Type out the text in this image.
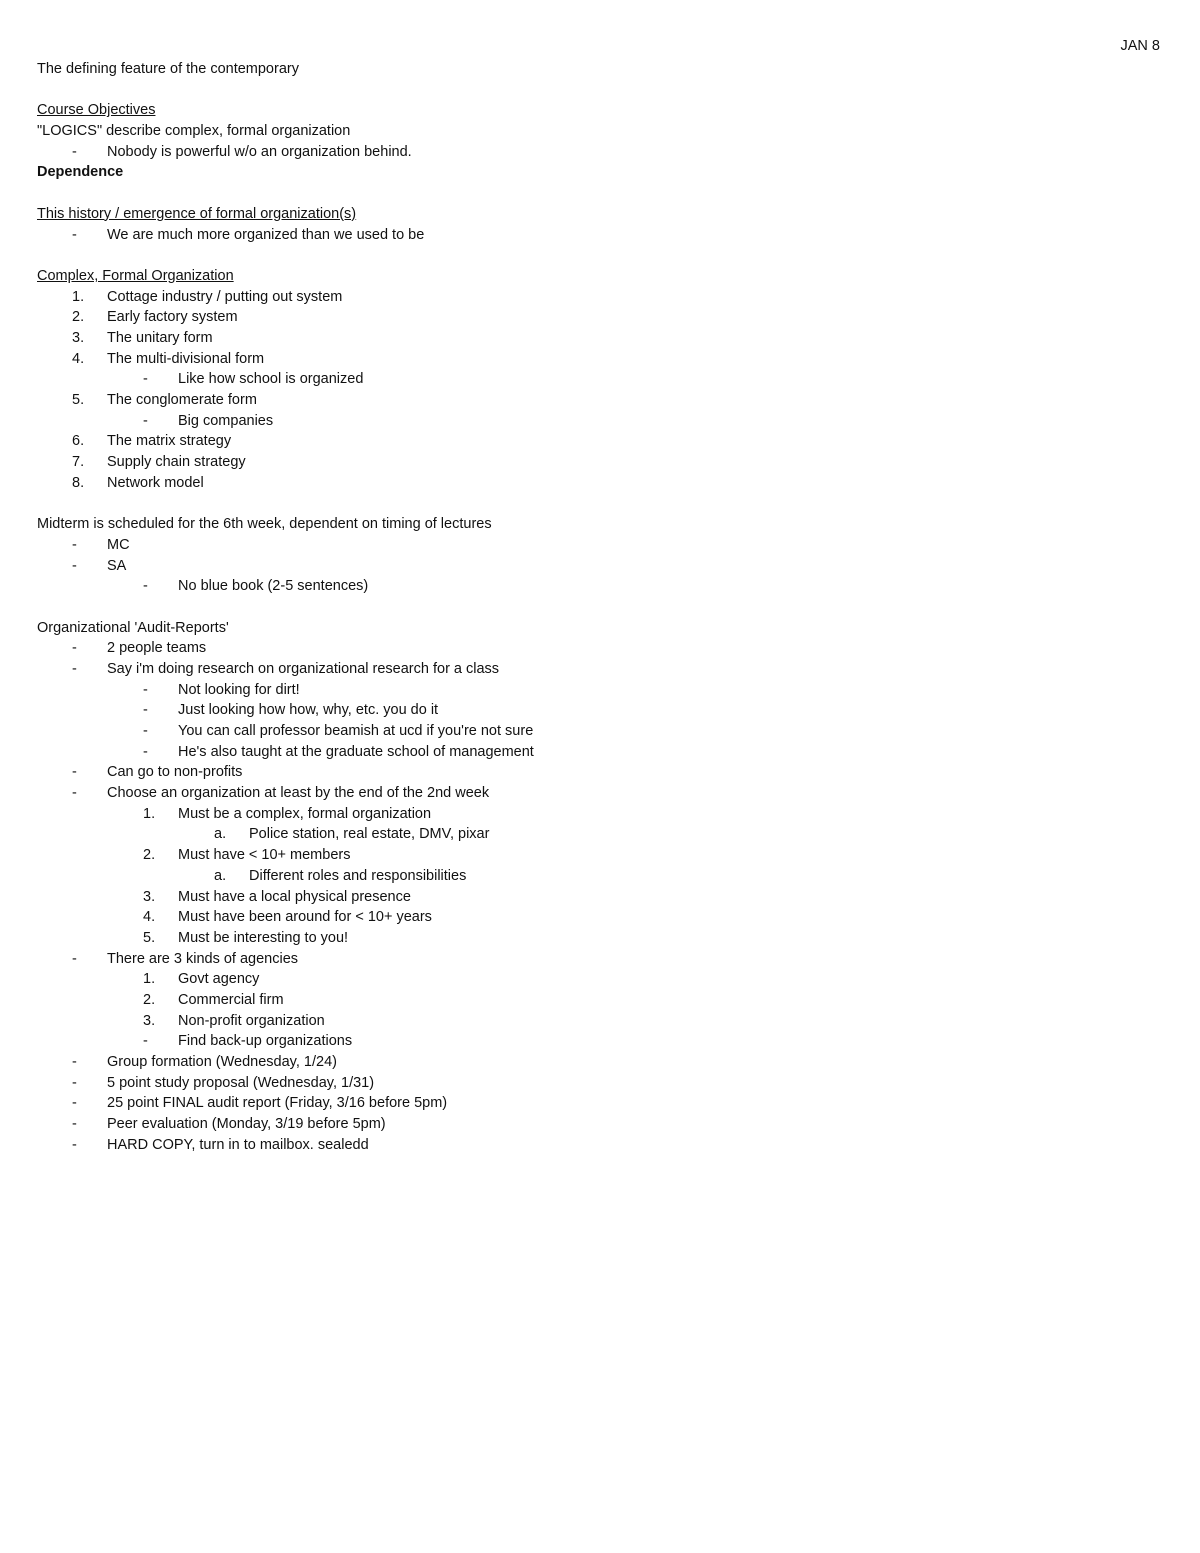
JAN 8
The defining feature of the contemporary
Course Objectives
"LOGICS" describe complex, formal organization
- Nobody is powerful w/o an organization behind.
Dependence
This history / emergence of formal organization(s)
- We are much more organized than we used to be
Complex, Formal Organization
1. Cottage industry / putting out system
2. Early factory system
3. The unitary form
4. The multi-divisional form
- Like how school is organized
5. The conglomerate form
- Big companies
6. The matrix strategy
7. Supply chain strategy
8. Network model
Midterm is scheduled for the 6th week, dependent on timing of lectures
- MC
- SA
- No blue book (2-5 sentences)
Organizational 'Audit-Reports'
- 2 people teams
- Say i'm doing research on organizational research for a class
- Not looking for dirt!
- Just looking how how, why, etc. you do it
- You can call professor beamish at ucd if you're not sure
- He's also taught at the graduate school of management
- Can go to non-profits
- Choose an organization at least by the end of the 2nd week
1. Must be a complex, formal organization
a. Police station, real estate, DMV, pixar
2. Must have < 10+ members
a. Different roles and responsibilities
3. Must have a local physical presence
4. Must have been around for < 10+ years
5. Must be interesting to you!
- There are 3 kinds of agencies
1. Govt agency
2. Commercial firm
3. Non-profit organization
- Find back-up organizations
- Group formation (Wednesday, 1/24)
- 5 point study proposal (Wednesday, 1/31)
- 25 point FINAL audit report (Friday, 3/16 before 5pm)
- Peer evaluation (Monday, 3/19 before 5pm)
- HARD COPY, turn in to mailbox. sealedd
